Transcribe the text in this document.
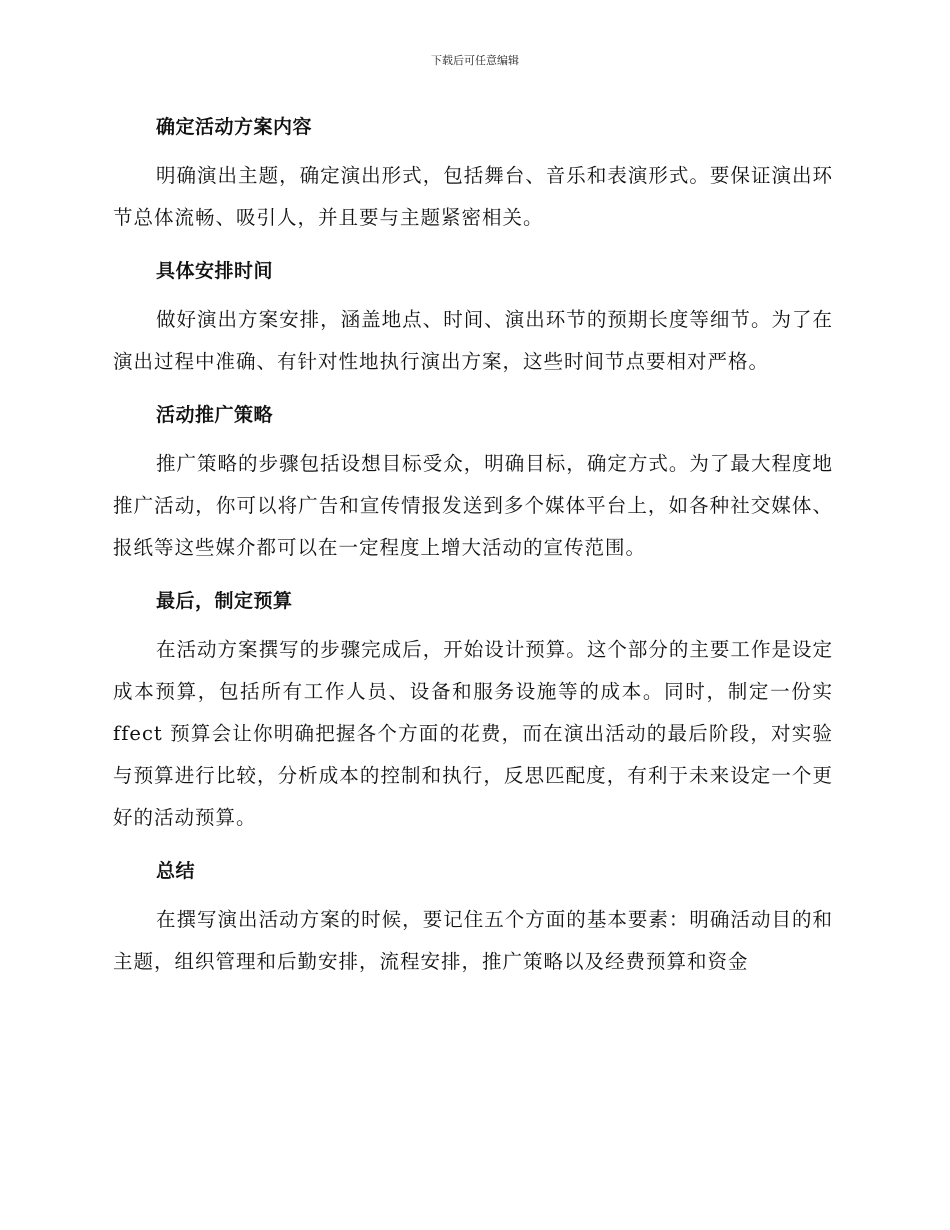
下载后可任意编辑
确定活动方案内容

明确演出主题，确定演出形式，包括舞台、音乐和表演形式。要保证演出环节总体流畅、吸引人，并且要与主题紧密相关。

具体安排时间

做好演出方案安排，涵盖地点、时间、演出环节的预期长度等细节。为了在演出过程中准确、有针对性地执行演出方案，这些时间节点要相对严格。

活动推广策略

推广策略的步骤包括设想目标受众，明确目标，确定方式。为了最大程度地推广活动，你可以将广告和宣传情报发送到多个媒体平台上，如各种社交媒体、报纸等这些媒介都可以在一定程度上增大活动的宣传范围。

最后，制定预算

在活动方案撰写的步骤完成后，开始设计预算。这个部分的主要工作是设定成本预算，包括所有工作人员、设备和服务设施等的成本。同时，制定一份实 ffect 预算会让你明确把握各个方面的花费，而在演出活动的最后阶段，对实验与预算进行比较，分析成本的控制和执行，反思匹配度，有利于未来设定一个更好的活动预算。

总结

在撰写演出活动方案的时候，要记住五个方面的基本要素：明确活动目的和主题，组织管理和后勤安排，流程安排，推广策略以及经费预算和资金
